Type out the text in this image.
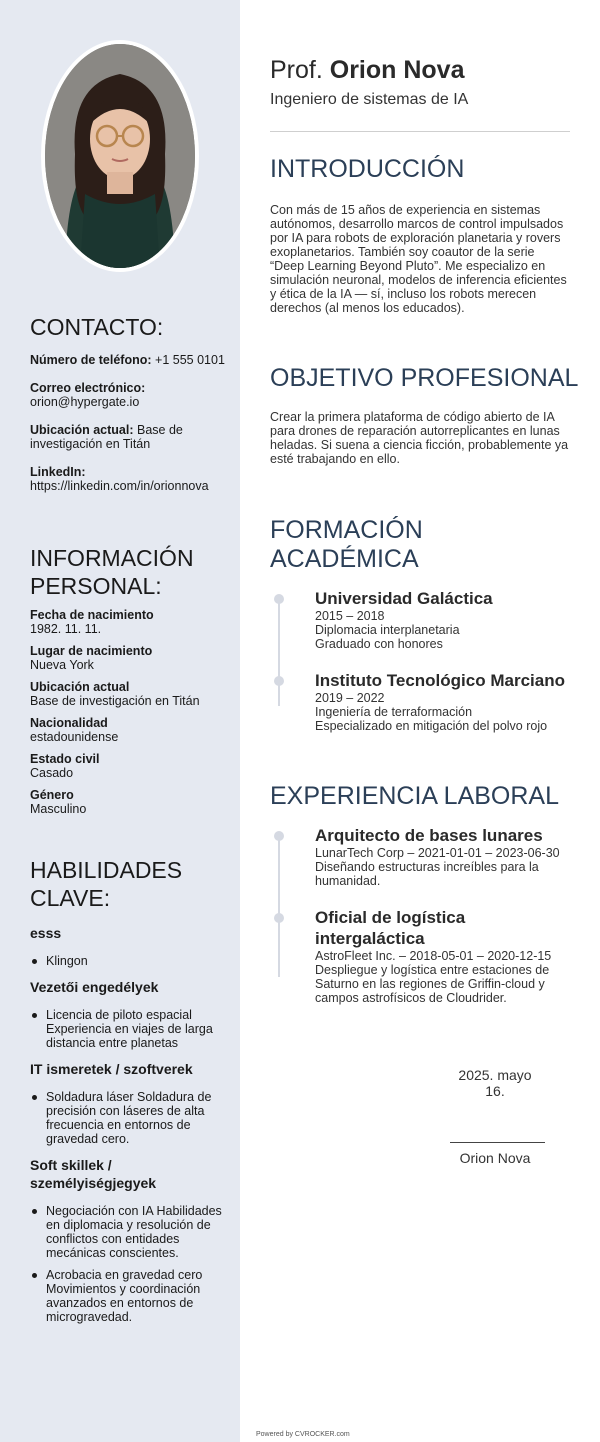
CONTACTO:
Número de teléfono: +1 555 0101
Correo electrónico:
orion@hypergate.io
Ubicación actual: Base de investigación en Titán
LinkedIn:
https://linkedin.com/in/orionnova
INFORMACIÓN PERSONAL:
Fecha de nacimiento
1982. 11. 11.
Lugar de nacimiento
Nueva York
Ubicación actual
Base de investigación en Titán
Nacionalidad
estadounidense
Estado civil
Casado
Género
Masculino
HABILIDADES CLAVE:
esss
Klingon
Vezetői engedélyek
Licencia de piloto espacial Experiencia en viajes de larga distancia entre planetas
IT ismeretek / szoftverek
Soldadura láser Soldadura de precisión con láseres de alta frecuencia en entornos de gravedad cero.
Soft skillek / személyiségjegyek
Negociación con IA Habilidades en diplomacia y resolución de conflictos con entidades mecánicas conscientes.
Acrobacia en gravedad cero Movimientos y coordinación avanzados en entornos de microgravedad.
Prof. Orion Nova
Ingeniero de sistemas de IA
INTRODUCCIÓN
Con más de 15 años de experiencia en sistemas autónomos, desarrollo marcos de control impulsados por IA para robots de exploración planetaria y rovers exoplanetarios. También soy coautor de la serie “Deep Learning Beyond Pluto”. Me especializo en simulación neuronal, modelos de inferencia eficientes y ética de la IA — sí, incluso los robots merecen derechos (al menos los educados).
OBJETIVO PROFESIONAL
Crear la primera plataforma de código abierto de IA para drones de reparación autorreplicantes en lunas heladas. Si suena a ciencia ficción, probablemente ya esté trabajando en ello.
FORMACIÓN ACADÉMICA
Universidad Galáctica
2015 – 2018
Diplomacia interplanetaria
Graduado con honores
Instituto Tecnológico Marciano
2019 – 2022
Ingeniería de terraformación
Especializado en mitigación del polvo rojo
EXPERIENCIA LABORAL
Arquitecto de bases lunares
LunarTech Corp – 2021-01-01 – 2023-06-30
Diseñando estructuras increíbles para la humanidad.
Oficial de logística intergaláctica
AstroFleet Inc. – 2018-05-01 – 2020-12-15
Despliegue y logística entre estaciones de Saturno en las regiones de Griffin-cloud y campos astrofísicos de Cloudrider.
2025. mayo 16.
Orion Nova
Powered by CVROCKER.com
